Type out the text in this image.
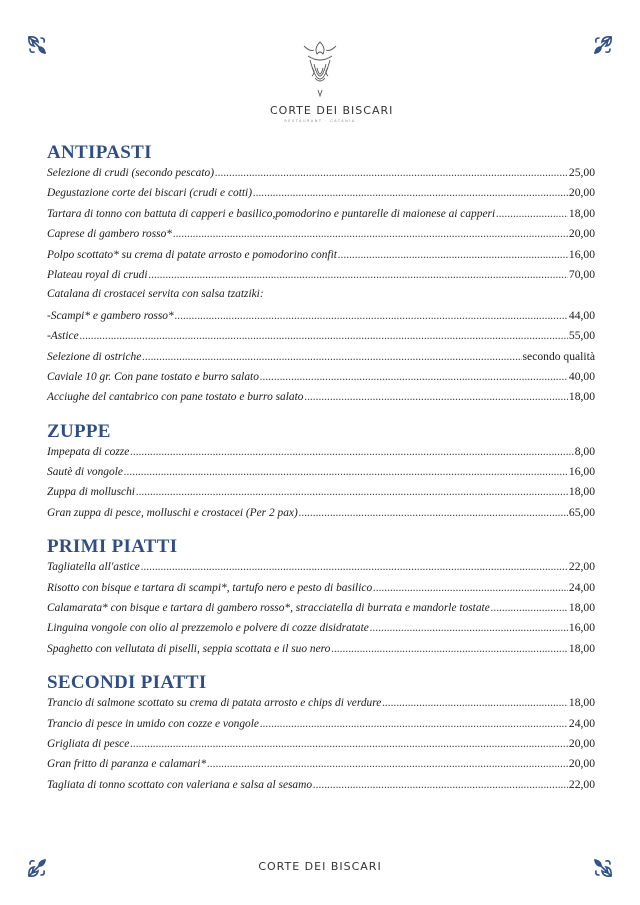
CORTE DEI BISCARI
RESTAURANT · CATANIA
ANTIPASTI
Selezione di crudi (secondo pescato) .....	25,00
Degustazione corte dei biscari (crudi e cotti) .....	20,00
Tartara di tonno con battuta di capperi e basilico,pomodorino e puntarelle di maionese ai capperi .....	18,00
Caprese di gambero rosso* .....	20,00
Polpo scottato* su crema di patate arrosto e pomodorino confit .....	16,00
Plateau royal di crudi .....	70,00
Catalana di crostacei servita con salsa tzatziki:
-Scampi* e gambero rosso* .....	44,00
-Astice .....	55,00
Selezione di ostriche .....	secondo qualità
Caviale 10 gr. Con pane tostato e burro salato .....	40,00
Acciughe del cantabrico con pane tostato e burro salato .....	18,00
ZUPPE
Impepata di cozze .....	8,00
Sautè di vongole .....	16,00
Zuppa di molluschi .....	18,00
Gran zuppa di pesce, molluschi e crostacei (Per 2 pax) .....	65,00
PRIMI PIATTI
Tagliatella all'astice .....	22,00
Risotto con bisque e tartara di scampi*, tartufo nero e pesto di basilico .....	24,00
Calamarata* con bisque e tartara di gambero rosso*, stracciatella di burrata e mandorle tostate .....	18,00
Linguina vongole con olio al prezzemolo e polvere di cozze disidratate .....	16,00
Spaghetto con vellutata di piselli, seppia scottata e il suo nero .....	18,00
SECONDI PIATTI
Trancio di salmone scottato su crema di patata arrosto e chips di verdure .....	18,00
Trancio di pesce in umido con cozze e vongole .....	24,00
Grigliata di pesce .....	20,00
Gran fritto di paranza e calamari* .....	20,00
Tagliata di tonno scottato con valeriana e salsa al sesamo .....	22,00
CORTE DEI BISCARI
